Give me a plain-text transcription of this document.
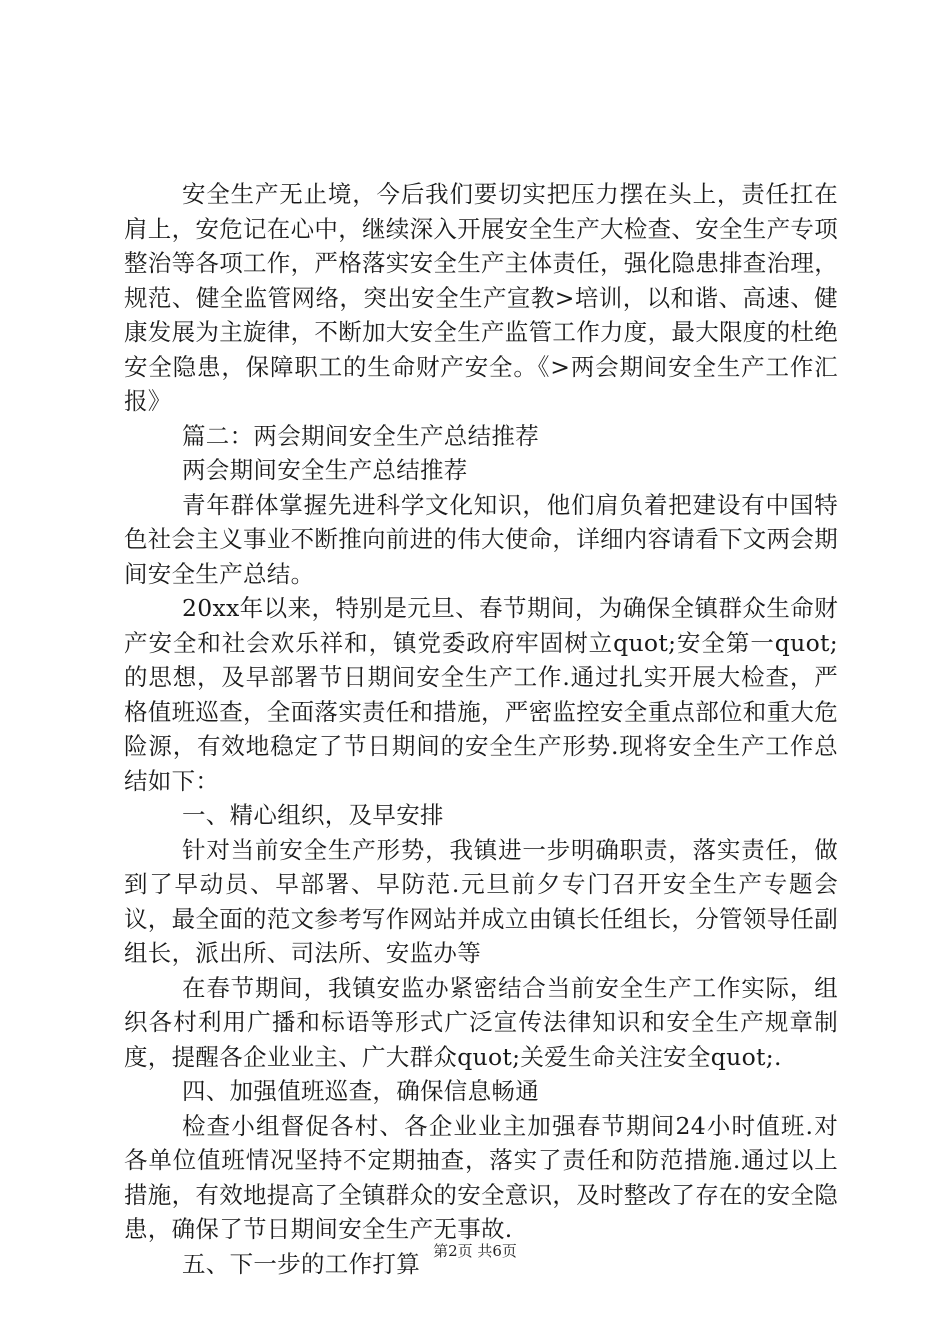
安全生产无止境，今后我们要切实把压力摆在头上，责任扛在肩上，安危记在心中，继续深入开展安全生产大检查、安全生产专项整治等各项工作，严格落实安全生产主体责任，强化隐患排查治理，规范、健全监管网络，突出安全生产宣教>培训，以和谐、高速、健康发展为主旋律，不断加大安全生产监管工作力度，最大限度的杜绝安全隐患，保障职工的生命财产安全。《>两会期间安全生产工作汇报》

篇二：两会期间安全生产总结推荐

两会期间安全生产总结推荐

青年群体掌握先进科学文化知识，他们肩负着把建设有中国特色社会主义事业不断推向前进的伟大使命，详细内容请看下文两会期间安全生产总结。

20xx年以来，特别是元旦、春节期间，为确保全镇群众生命财产安全和社会欢乐祥和，镇党委政府牢固树立quot;安全第一quot;的思想，及早部署节日期间安全生产工作.通过扎实开展大检查，严格值班巡查，全面落实责任和措施，严密监控安全重点部位和重大危险源，有效地稳定了节日期间的安全生产形势.现将安全生产工作总结如下：

一、精心组织，及早安排

针对当前安全生产形势，我镇进一步明确职责，落实责任，做到了早动员、早部署、早防范.元旦前夕专门召开安全生产专题会议，最全面的范文参考写作网站并成立由镇长任组长，分管领导任副组长，派出所、司法所、安监办等

在春节期间，我镇安监办紧密结合当前安全生产工作实际，组织各村利用广播和标语等形式广泛宣传法律知识和安全生产规章制度，提醒各企业业主、广大群众quot;关爱生命关注安全quot;.

四、加强值班巡查，确保信息畅通

检查小组督促各村、各企业业主加强春节期间24小时值班.对各单位值班情况坚持不定期抽查，落实了责任和防范措施.通过以上措施，有效地提高了全镇群众的安全意识，及时整改了存在的安全隐患，确保了节日期间安全生产无事故.

五、下一步的工作打算 第2页 共6页
